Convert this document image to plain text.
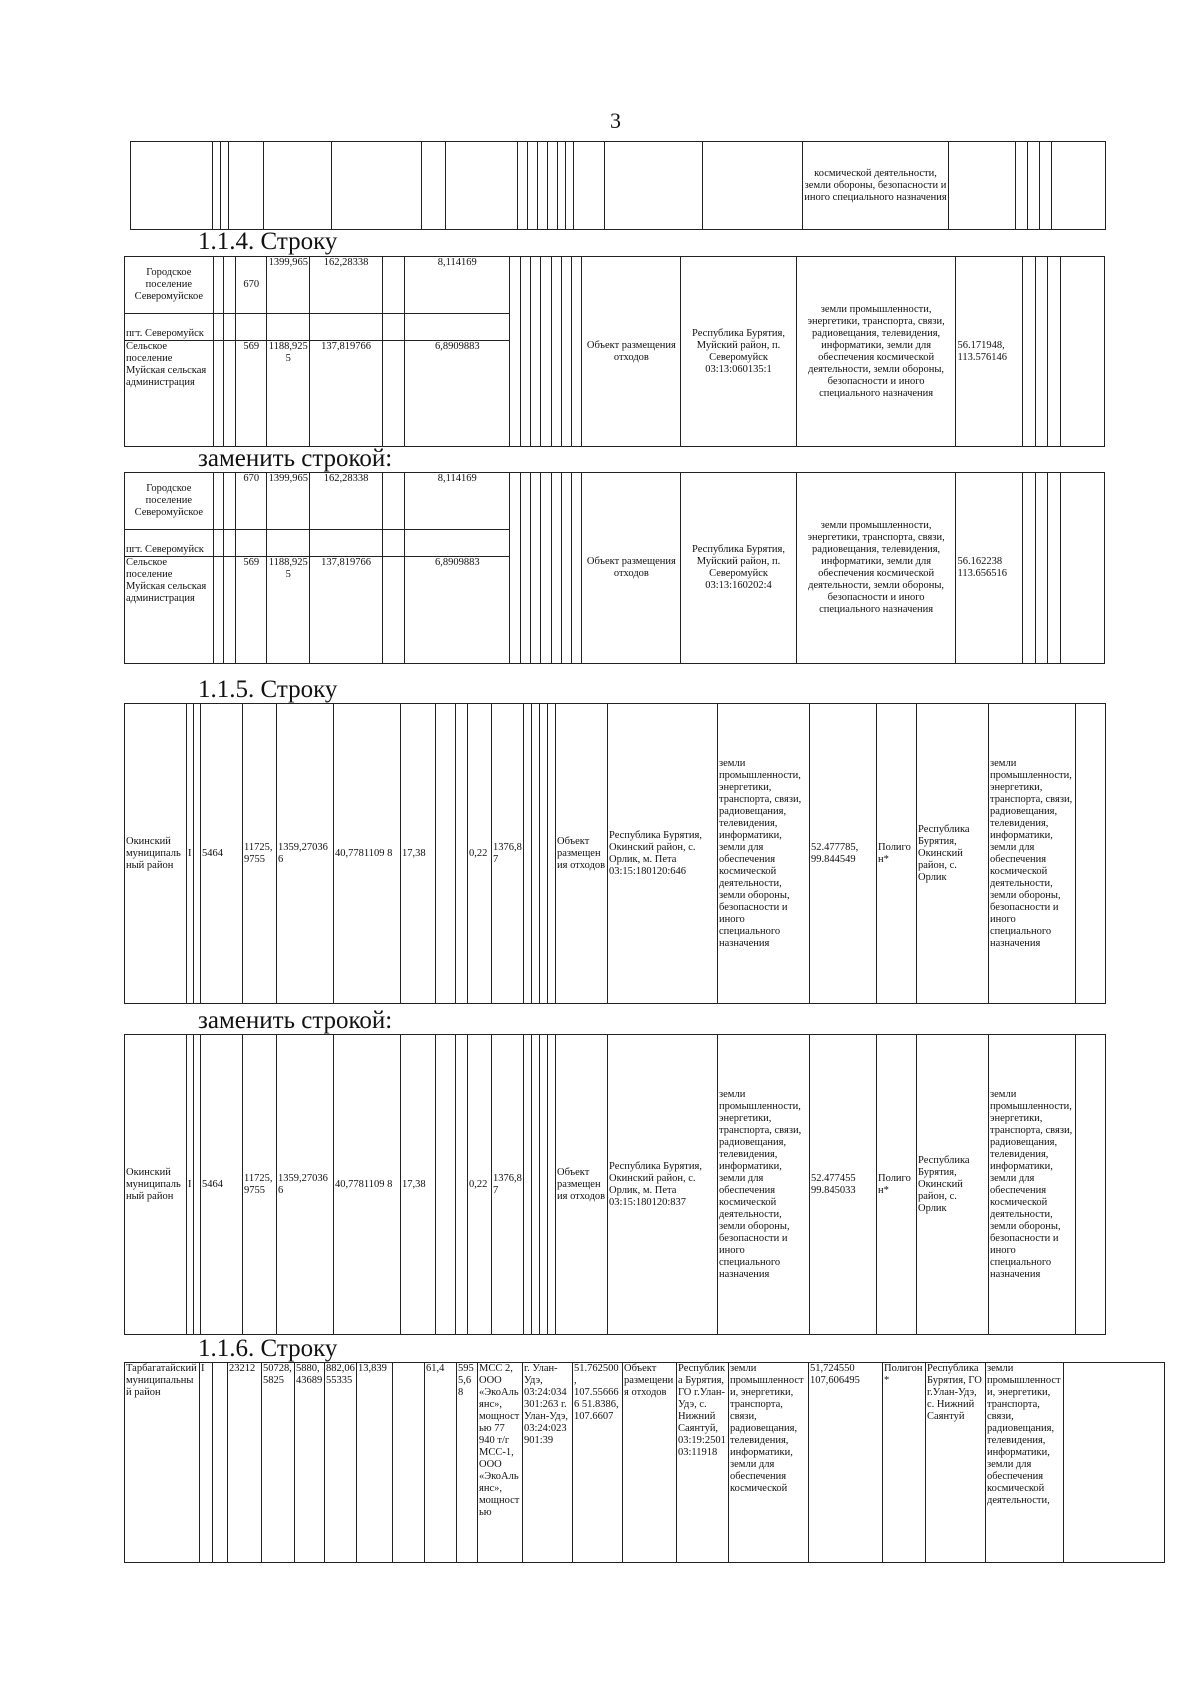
3
																	космической деятельности, земли обороны, безопасности и иного специального назначения					
1.1.4. Строку
Городское поселение Северомуйское			670	1399,965	162,28338		8,114169								Объект размещения отходов	Республика Бурятия, Муйский район, п. Северомуйск 03:13:060135:1	земли промышленности, энергетики, транспорта, связи, радиовещания, телевидения, информатики, земли для обеспечения космической деятельности, земли обороны, безопасности и иного специального назначения	56.171948, 113.576146				
пгт. Северомуйск																						
Сельское поселение Муйская сельская администрация			569	1188,9255	137,819766		6,8909883															
заменить строкой:
Городское поселение Северомуйское			670	1399,965	162,28338		8,114169								Объект размещения отходов	Республика Бурятия, Муйский район, п. Северомуйск 03:13:160202:4	земли промышленности, энергетики, транспорта, связи, радиовещания, телевидения, информатики, земли для обеспечения космической деятельности, земли обороны, безопасности и иного специального назначения	56.162238 113.656516				
пгт. Северомуйск																						
Сельское поселение Муйская сельская администрация			569	1188,9255	137,819766		6,8909883															
1.1.5. Строку
Окинский муниципальный район	I		5464	11725,9755	1359,270366	40,7781109 8	17,38			0,22	1376,8 7					Объект размещения отходов	Республика Бурятия, Окинский район, с. Орлик, м. Пета 03:15:180120:646	земли промышленности, энергетики, транспорта, связи, радиовещания, телевидения, информатики, земли для обеспечения космической деятельности, земли обороны, безопасности и иного специального назначения	52.477785, 99.844549	Полигон*	Республика Бурятия, Окинский район, с. Орлик	земли промышленности, энергетики, транспорта, связи, радиовещания, телевидения, информатики, земли для обеспечения космической деятельности, земли обороны, безопасности и иного специального назначения	
заменить строкой:
Окинский муниципальный район	I		5464	11725,9755	1359,270366	40,7781109 8	17,38			0,22	1376,8 7					Объект размещения отходов	Республика Бурятия, Окинский район, с. Орлик, м. Пета 03:15:180120:837	земли промышленности, энергетики, транспорта, связи, радиовещания, телевидения, информатики, земли для обеспечения космической деятельности, земли обороны, безопасности и иного специального назначения	52.477455 99.845033	Полигон*	Республика Бурятия, Окинский район, с. Орлик	земли промышленности, энергетики, транспорта, связи, радиовещания, телевидения, информатики, земли для обеспечения космической деятельности, земли обороны, безопасности и иного специального назначения	
1.1.6. Строку
Тарбагатайский муниципальный район	I		23212	50728,5825	5880,43689	882,0655335	13,839		61,4	5955,68	МСС 2, ООО «ЭкоАльянс», мощностью 77 940 т/г МСС-1, ООО «ЭкоАльянс», мощностью	г. Улан-Удэ, 03:24:034301:263 г. Улан-Удэ, 03:24:023901:39	51.762500, 107.556666 51.8386, 107.6607	Объект размещения отходов	Республика Бурятия, ГО г.Улан-Удэ, с. Нижний Саянтуй, 03:19:250103:11918	земли промышленности, энергетики, транспорта, связи, радиовещания, телевидения, информатики, земли для обеспечения космической	51,724550 107,606495	Полигон*	Республика Бурятия, ГО г.Улан-Удэ, с. Нижний Саянтуй	земли промышленности, энергетики, транспорта, связи, радиовещания, телевидения, информатики, земли для обеспечения космической деятельности,	
